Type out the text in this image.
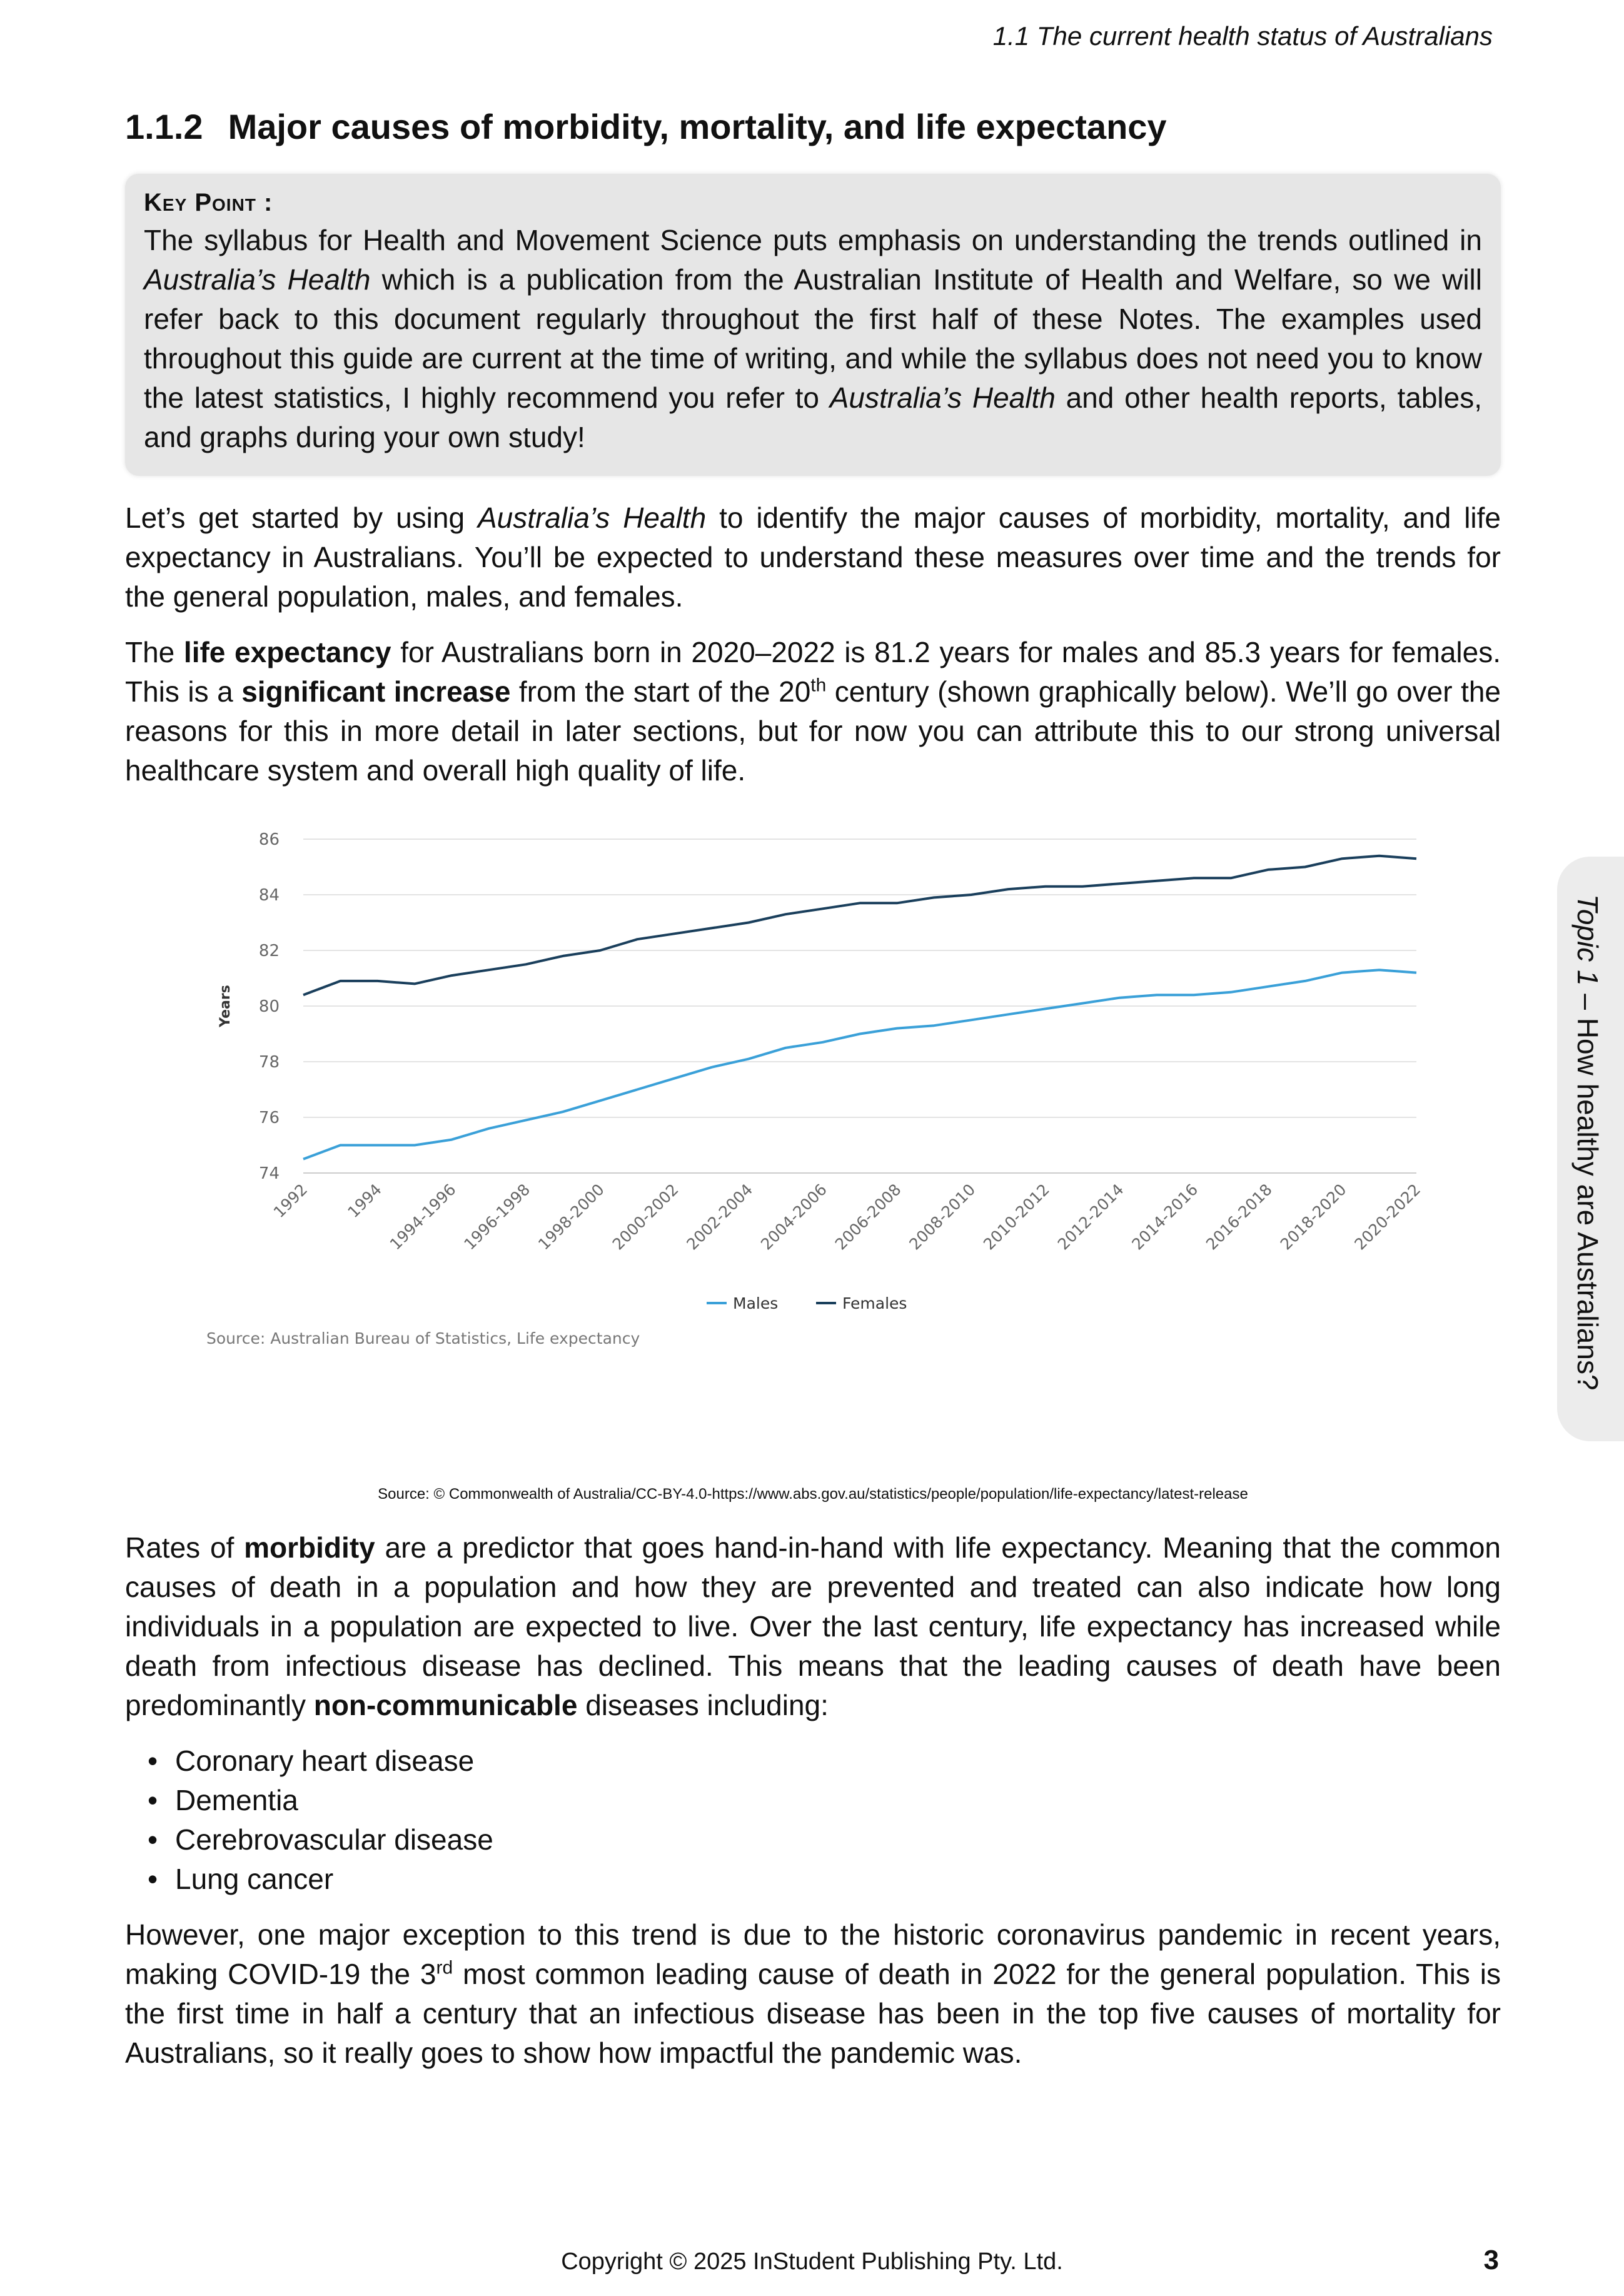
1.1 The current health status of Australians
1.1.2 Major causes of morbidity, mortality, and life expectancy
Key Point :
The syllabus for Health and Movement Science puts emphasis on understanding the trends outlined in Australia’s Health which is a publication from the Australian Institute of Health and Welfare, so we will refer back to this document regularly throughout the first half of these Notes. The examples used throughout this guide are current at the time of writing, and while the syllabus does not need you to know the latest statistics, I highly recommend you refer to Australia’s Health and other health reports, tables, and graphs during your own study!

Let’s get started by using Australia’s Health to identify the major causes of morbidity, mortality, and life expectancy in Australians. You’ll be expected to understand these measures over time and the trends for the general population, males, and females.

The life expectancy for Australians born in 2020–2022 is 81.2 years for males and 85.3 years for females. This is a significant increase from the start of the 20th century (shown graphically below). We’ll go over the reasons for this in more detail in later sections, but for now you can attribute this to our strong universal healthcare system and overall high quality of life.

74
76
78
80
82
84
86
Years
1992 1994 1994-1996 1996-1998 1998-2000 2000-2002 2002-2004 2004-2006 2006-2008 2008-2010 2010-2012 2012-2014 2014-2016 2016-2018 2018-2020 2020-2022
Males	Females
Source: Australian Bureau of Statistics, Life expectancy
Source: © Commonwealth of Australia/CC-BY-4.0-https://www.abs.gov.au/statistics/people/population/life-expectancy/latest-release

Rates of morbidity are a predictor that goes hand-in-hand with life expectancy. Meaning that the common causes of death in a population and how they are prevented and treated can also indicate how long individuals in a population are expected to live. Over the last century, life expectancy has increased while death from infectious disease has declined. This means that the leading causes of death have been predominantly non-communicable diseases including:

• Coronary heart disease
• Dementia
• Cerebrovascular disease
• Lung cancer

However, one major exception to this trend is due to the historic coronavirus pandemic in recent years, making COVID-19 the 3rd most common leading cause of death in 2022 for the general population. This is the first time in half a century that an infectious disease has been in the top five causes of mortality for Australians, so it really goes to show how impactful the pandemic was.

Topic 1 – How healthy are Australians?
Copyright © 2025 InStudent Publishing Pty. Ltd.	3
